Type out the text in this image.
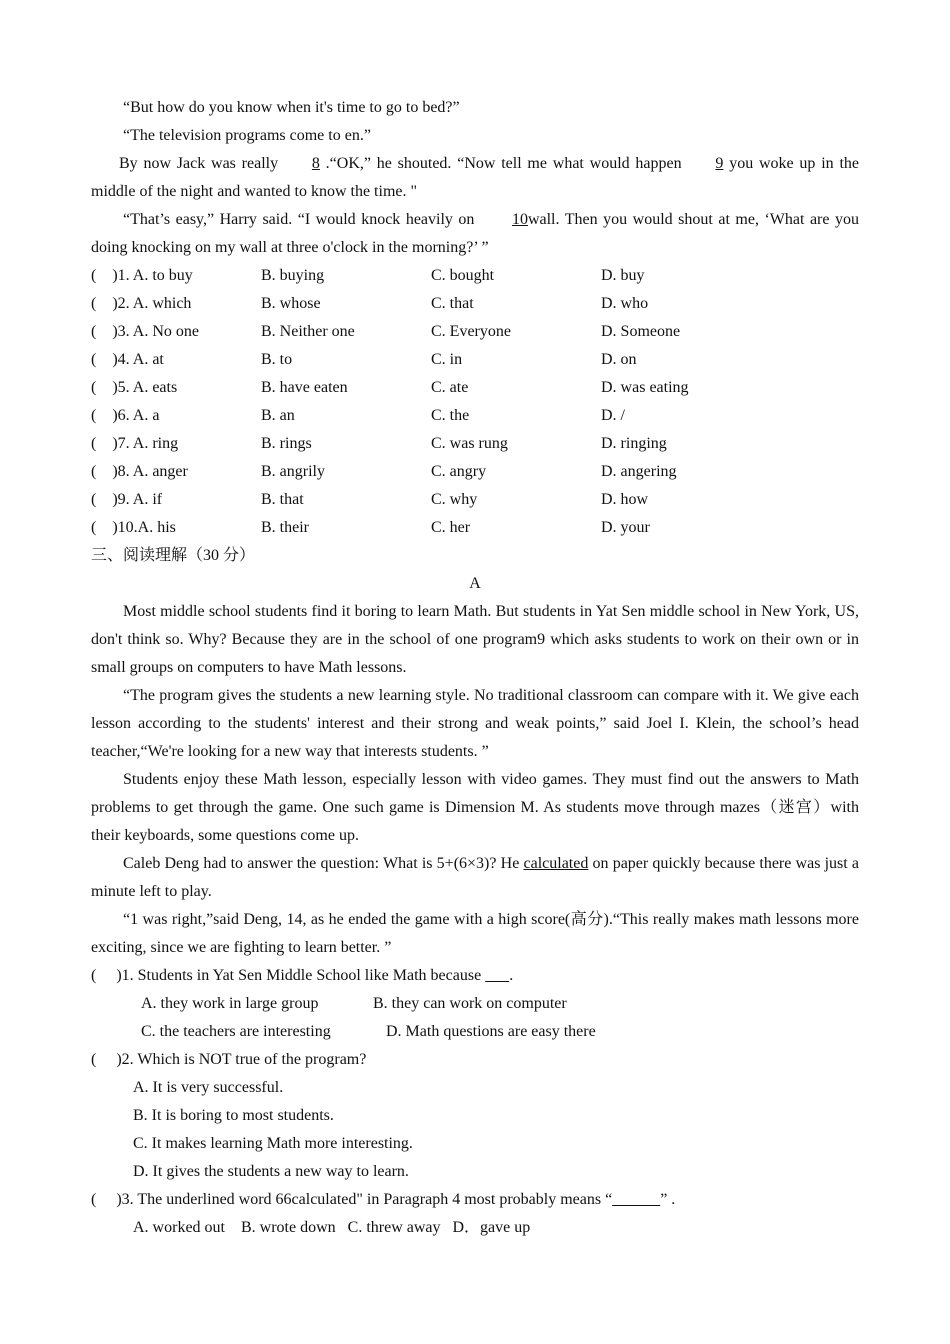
“But how do you know when it's time to go to bed?”

“The television programs come to en.”

By now Jack was really 8 .“OK,” he shouted. “Now tell me what would happen 9 you woke up in the middle of the night and wanted to know the time. "

“That’s easy,” Harry said. “I would knock heavily on 10wall. Then you would shout at me, ‘What are you doing knocking on my wall at three o'clock in the morning?’ ”

(    )1. A. to buy	B. buying	C. bought	D. buy
(    )2. A. which	B. whose	C. that	D. who
(    )3. A. No one	B. Neither one	C. Everyone	D. Someone
(    )4. A. at	B. to	C. in	D. on
(    )5. A. eats	B. have eaten	C. ate	D. was eating
(    )6. A. a	B. an	C. the	D. /
(    )7. A. ring	B. rings	C. was rung	D. ringing
(    )8. A. anger	B. angrily	C. angry	D. angering
(    )9. A. if	B. that	C. why	D. how
(    )10.A. his	B. their	C. her	D. your

三、阅读理解（30 分）

A

Most middle school students find it boring to learn Math. But students in Yat Sen middle school in New York, US, don't think so. Why? Because they are in the school of one program9 which asks students to work on their own or in small groups on computers to have Math lessons.

“The program gives the students a new learning style. No traditional classroom can compare with it. We give each lesson according to the students' interest and their strong and weak points,” said Joel I. Klein, the school’s head teacher,“We're looking for a new way that interests students. ”

Students enjoy these Math lesson, especially lesson with video games. They must find out the answers to Math problems to get through the game. One such game is Dimension M. As students move through mazes（迷宫）with their keyboards, some questions come up.

Caleb Deng had to answer the question: What is 5+(6×3)? He calculated on paper quickly because there was just a minute left to play.

“1 was right,”said Deng, 14, as he ended the game with a high score(高分).“This really makes math lessons more exciting, since we are fighting to learn better. ”

(     )1. Students in Yat Sen Middle School like Math because       .

A. they work in large group	B. they can work on computer
C. the teachers are interesting	D. Math questions are easy there

(     )2. Which is NOT true of the program?

A. It is very successful.

B. It is boring to most students.

C. It makes learning Math more interesting.

D. It gives the students a new way to learn.

(     )3. The underlined word 66calculated" in Paragraph 4 most probably means “	” .

A. worked out    B. wrote down   C. threw away   D．gave up
